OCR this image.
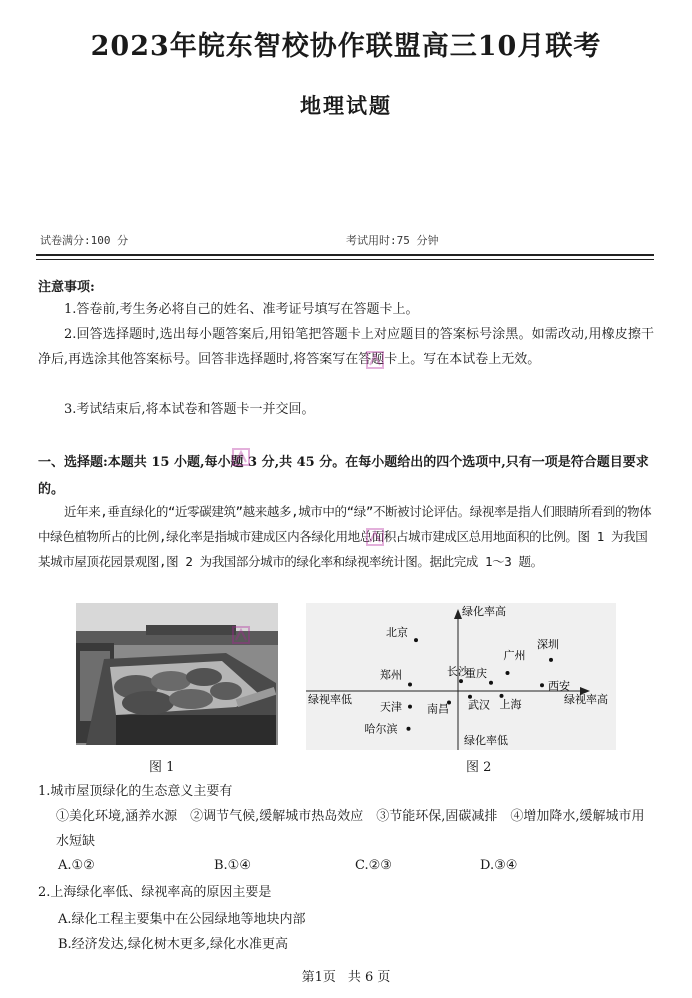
2023年皖东智校协作联盟高三10月联考
地理试题
试卷满分:100 分	考试用时:75 分钟
注意事项:
1.答卷前,考生务必将自己的姓名、准考证号填写在答题卡上。
2.回答选择题时,选出每小题答案后,用铅笔把答题卡上对应题目的答案标号涂黑。如需改动,用橡皮擦干净后,再选涂其他答案标号。回答非选择题时,将答案写在答题卡上。写在本试卷上无效。
3.考试结束后,将本试卷和答题卡一并交回。
一、选择题:本题共 15 小题,每小题 3 分,共 45 分。在每小题给出的四个选项中,只有一项是符合题目要求的。
近年来,垂直绿化的“近零碳建筑”越来越多,城市中的“绿”不断被讨论评估。绿视率是指人们眼睛所看到的物体中绿色植物所占的比例,绿化率是指城市建成区内各绿化用地总面积占城市建成区总用地面积的比例。图 1 为我国某城市屋顶花园景观图,图 2 为我国部分城市的绿化率和绿视率统计图。据此完成 1～3 题。
图 1
绿化率高
绿化率低
绿视率低	绿视率高
北京
深圳
广州
郑州	长沙
重庆
西安
天津 南昌 武汉 上海
哈尔滨
图 2
1.城市屋顶绿化的生态意义主要有
①美化环境,涵养水源　②调节气候,缓解城市热岛效应　③节能环保,固碳减排　④增加降水,缓解城市用水短缺
A.①②	B.①④	C.②③	D.③④
2.上海绿化率低、绿视率高的原因主要是
A.绿化工程主要集中在公园绿地等地块内部
B.经济发达,绿化树木更多,绿化水准更高
第1页 共 6 页
